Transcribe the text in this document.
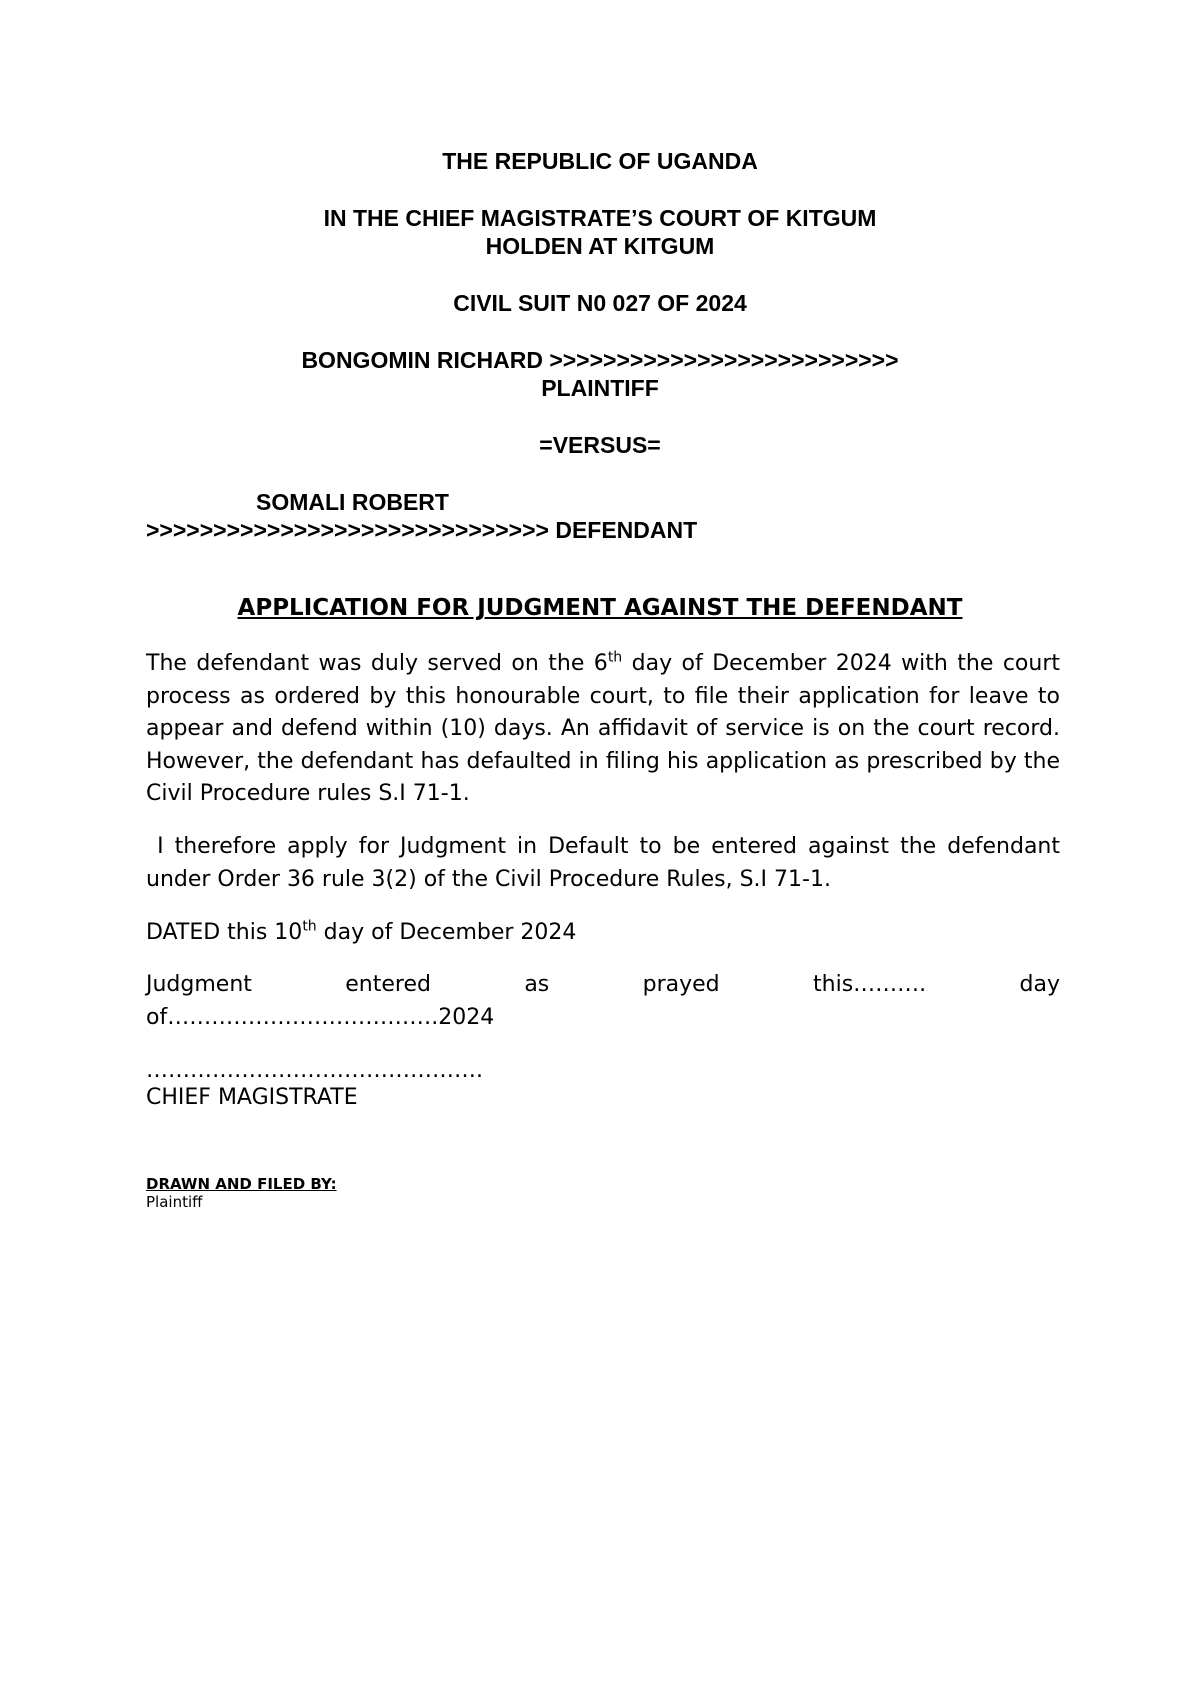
THE REPUBLIC OF UGANDA
IN THE CHIEF MAGISTRATE’S COURT OF KITGUM
HOLDEN AT KITGUM
CIVIL SUIT N0 027 OF 2024
BONGOMIN RICHARD >>>>>>>>>>>>>>>>>>>>>>>>>>
PLAINTIFF
=VERSUS=
SOMALI ROBERT
>>>>>>>>>>>>>>>>>>>>>>>>>>>>>> DEFENDANT
APPLICATION FOR JUDGMENT AGAINST THE DEFENDANT
The defendant was duly served on the 6th day of December 2024 with the court process as ordered by this honourable court, to file their application for leave to appear and defend within (10) days. An affidavit of service is on the court record. However, the defendant has defaulted in filing his application as prescribed by the Civil Procedure rules S.I 71-1.
I therefore apply for Judgment in Default to be entered against the defendant under Order 36 rule 3(2) of the Civil Procedure Rules, S.I 71-1.
DATED this 10th day of December 2024
Judgment	entered	as	prayed	this……….	day
of……………………………….2024
……………………………………….
CHIEF MAGISTRATE
DRAWN AND FILED BY:
Plaintiff
